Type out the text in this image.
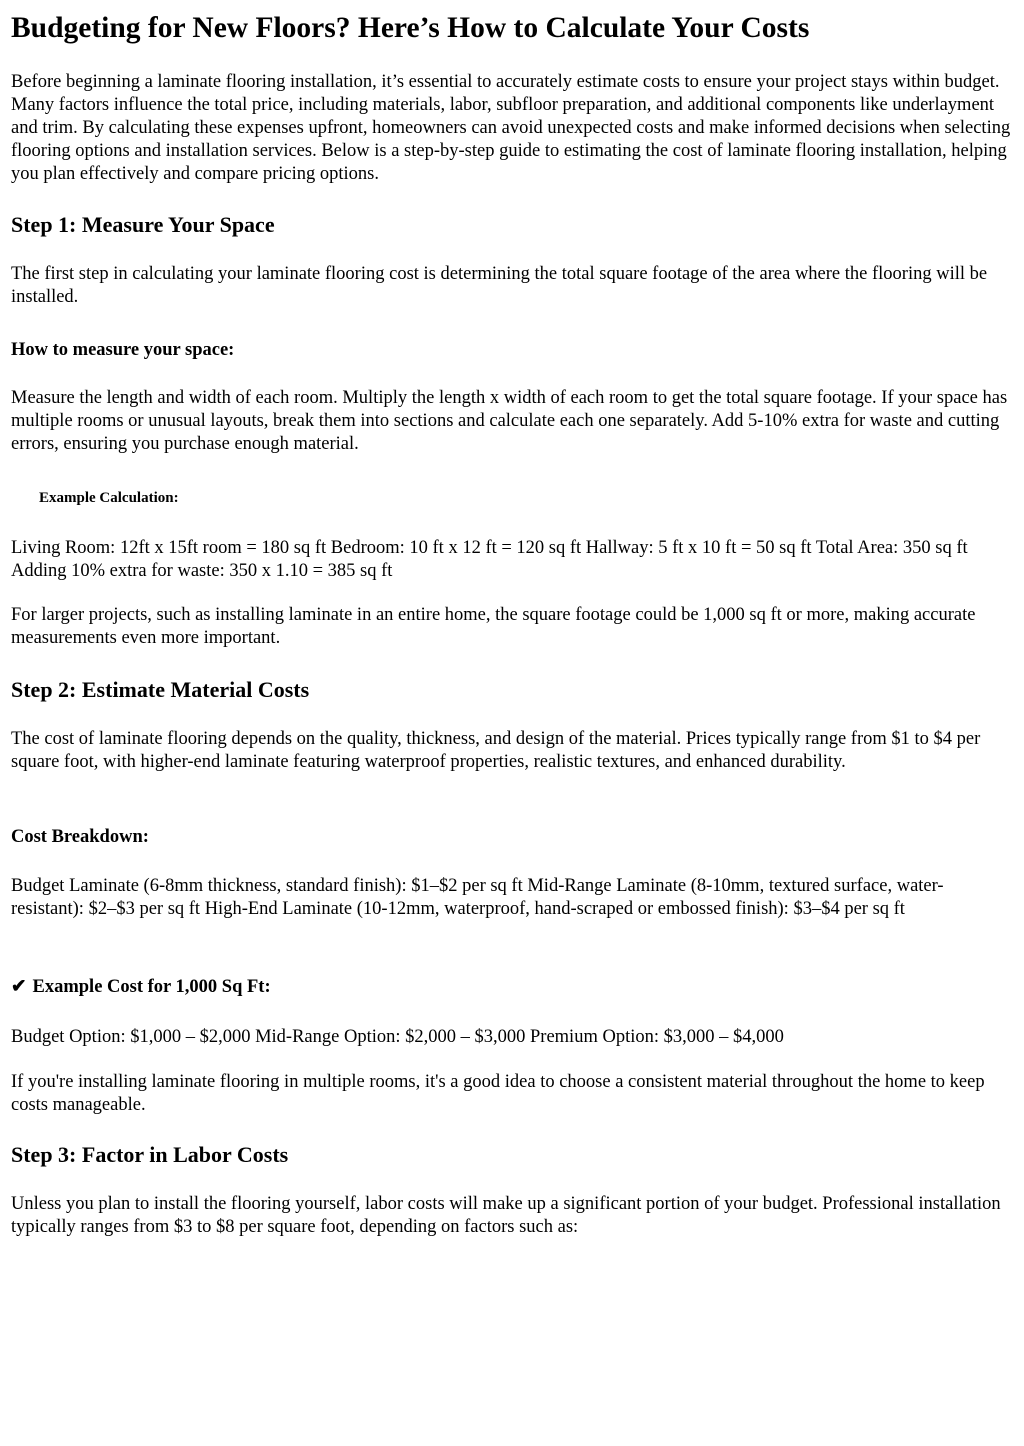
Budgeting for New Floors? Here’s How to Calculate Your Costs

Before beginning a laminate flooring installation, it’s essential to accurately estimate costs to ensure your project stays within budget. Many factors influence the total price, including materials, labor, subfloor preparation, and additional components like underlayment and trim. By calculating these expenses upfront, homeowners can avoid unexpected costs and make informed decisions when selecting flooring options and installation services. Below is a step-by-step guide to estimating the cost of laminate flooring installation, helping you plan effectively and compare pricing options.

Step 1: Measure Your Space

The first step in calculating your laminate flooring cost is determining the total square footage of the area where the flooring will be installed.

How to measure your space:

Measure the length and width of each room. Multiply the length x width of each room to get the total square footage. If your space has multiple rooms or unusual layouts, break them into sections and calculate each one separately. Add 5-10% extra for waste and cutting errors, ensuring you purchase enough material.

Example Calculation:

Living Room: 12ft x 15ft room = 180 sq ft Bedroom: 10 ft x 12 ft = 120 sq ft Hallway: 5 ft x 10 ft = 50 sq ft Total Area: 350 sq ft Adding 10% extra for waste: 350 x 1.10 = 385 sq ft

For larger projects, such as installing laminate in an entire home, the square footage could be 1,000 sq ft or more, making accurate measurements even more important.

Step 2: Estimate Material Costs

The cost of laminate flooring depends on the quality, thickness, and design of the material. Prices typically range from $1 to $4 per square foot, with higher-end laminate featuring waterproof properties, realistic textures, and enhanced durability.

Cost Breakdown:

Budget Laminate (6-8mm thickness, standard finish): $1–$2 per sq ft Mid-Range Laminate (8-10mm, textured surface, water-resistant): $2–$3 per sq ft High-End Laminate (10-12mm, waterproof, hand-scraped or embossed finish): $3–$4 per sq ft

✔ Example Cost for 1,000 Sq Ft:

Budget Option: $1,000 – $2,000 Mid-Range Option: $2,000 – $3,000 Premium Option: $3,000 – $4,000

If you're installing laminate flooring in multiple rooms, it's a good idea to choose a consistent material throughout the home to keep costs manageable.

Step 3: Factor in Labor Costs

Unless you plan to install the flooring yourself, labor costs will make up a significant portion of your budget. Professional installation typically ranges from $3 to $8 per square foot, depending on factors such as:
